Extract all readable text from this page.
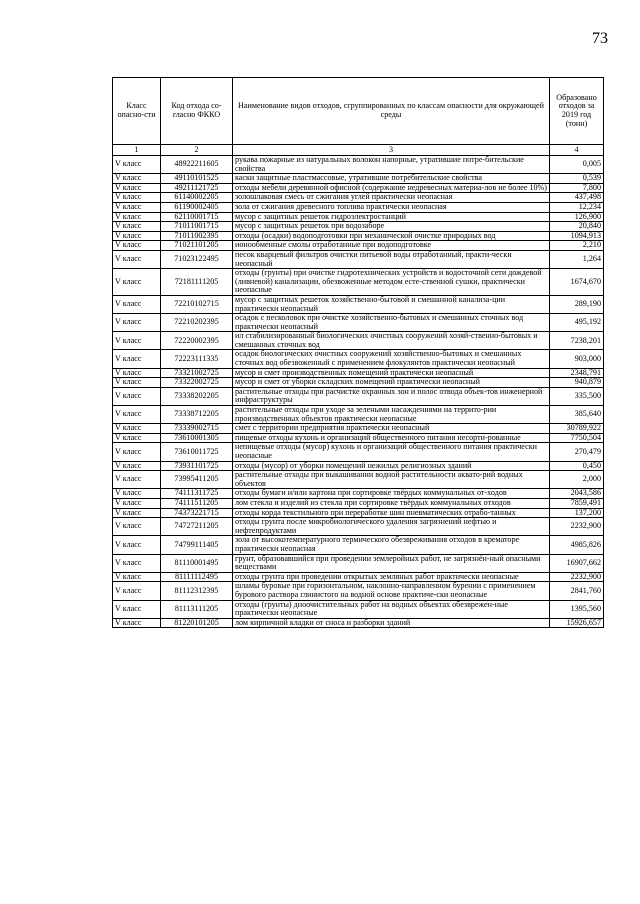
73
Класс опасно-сти	Код отхода со-гласно ФККО	Наименование видов отходов, сгруппированных по классам опасности для окружающей среды	Образовано отходов за 2019 год (тонн)
1	2	3	4
V класс	48922211605	рукава пожарные из натуральных волокон напорные, утратившие потре-бительские свойства	0,005
V класс	49110101525	каски защитные пластмассовые, утратившие потребительские свойства	0,539
V класс	49211121725	отходы мебели деревянной офисной (содержание недревесных материа-лов не более 10%)	7,800
V класс	61140002205	золошлаковая смесь от сжигания углей практически неопасная	437,498
V класс	61190002405	зола от сжигания древесного топлива практически неопасная	12,234
V класс	62110001715	мусор с защитных решеток гидроэлектростанций	126,900
V класс	71011001715	мусор с защитных решеток при водозаборе	20,840
V класс	71011002395	отходы (осадки) водоподготовки при механической очистке природных вод	1094,913
V класс	71021101205	ионообменные смолы отработанные при водоподготовке	2,210
V класс	71023122495	песок кварцевый фильтров очистки питьевой воды отработанный, практи-чески неопасный	1,264
V класс	72181111205	отходы (грунты) при очистке гидротехнических устройств и водосточной сети дождевой (ливневой) канализации, обезвоженные методом есте-ственной сушки, практически неопасные	1674,670
V класс	72210102715	мусор с защитных решеток хозяйственно-бытовой и смешанной канализа-ции практически неопасный	289,190
V класс	72210202395	осадок с песколовок при очистке хозяйственно-бытовых и смешанных сточных вод практически неопасный	495,192
V класс	72220002395	ил стабилизированный биологических очистных сооружений хозяй-ственно-бытовых и смешанных сточных вод	7238,201
V класс	72223111335	осадок биологических очистных сооружений хозяйственно-бытовых и смешанных сточных вод обезвоженный с применением флокулянтов практически неопасный	903,000
V класс	73321002725	мусор и смет производственных помещений практически неопасный	2348,791
V класс	73322002725	мусор и смет от уборки складских помещений практически неопасный	940,879
V класс	73338202205	растительные отходы при расчистке охранных зон и полос отвода объек-тов инженерной инфраструктуры	335,500
V класс	73338712205	растительные отходы при уходе за зелеными насаждениями на террито-рии производственных объектов практически неопасные	385,640
V класс	73339002715	смет с территории предприятия практически неопасный	30789,922
V класс	73610001305	пищевые отходы кухонь и организаций общественного питания несорти-рованные	7750,504
V класс	73610011725	непищевые отходы (мусор) кухонь и организаций общественного питания практически неопасные	270,479
V класс	73931101725	отходы (мусор) от уборки помещений нежилых религиозных зданий	0,450
V класс	73995411205	растительные отходы при выкашивании водной растительности аквато-рий водных объектов	2,000
V класс	74111311725	отходы бумаги и/или картона при сортировке твёрдых коммунальных от-ходов	2043,586
V класс	74111511205	лом стекла и изделий из стекла при сортировке твёрдых коммунальных отходов	7859,491
V класс	74373221715	отходы корда текстильного при переработке шин пневматических отрабо-танных	137,200
V класс	74727211205	отходы грунта после микробиологического удаления загрязнений нефтью и нефтепродуктами	2232,900
V класс	74799111405	зола от высокотемпературного термического обезвреживания отходов в крематоре практически неопасная	4985,826
V класс	81110001495	грунт, образовавшийся при проведении землеройных работ, не загрязнён-ный опасными веществами	16907,662
V класс	81111112495	отходы грунта при проведении открытых земляных работ практически неопасные	2232,900
V класс	81112312395	шламы буровые при горизонтальном, наклонно-направленном бурении с применением бурового раствора глинистого на водной основе практиче-ски неопасные	2841,760
V класс	81113111205	отходы (грунты) дноочистительных работ на водных объектах обезврежен-ные практически неопасные	1395,560
V класс	81220101205	лом кирпичной кладки от сноса и разборки зданий	15926,657
